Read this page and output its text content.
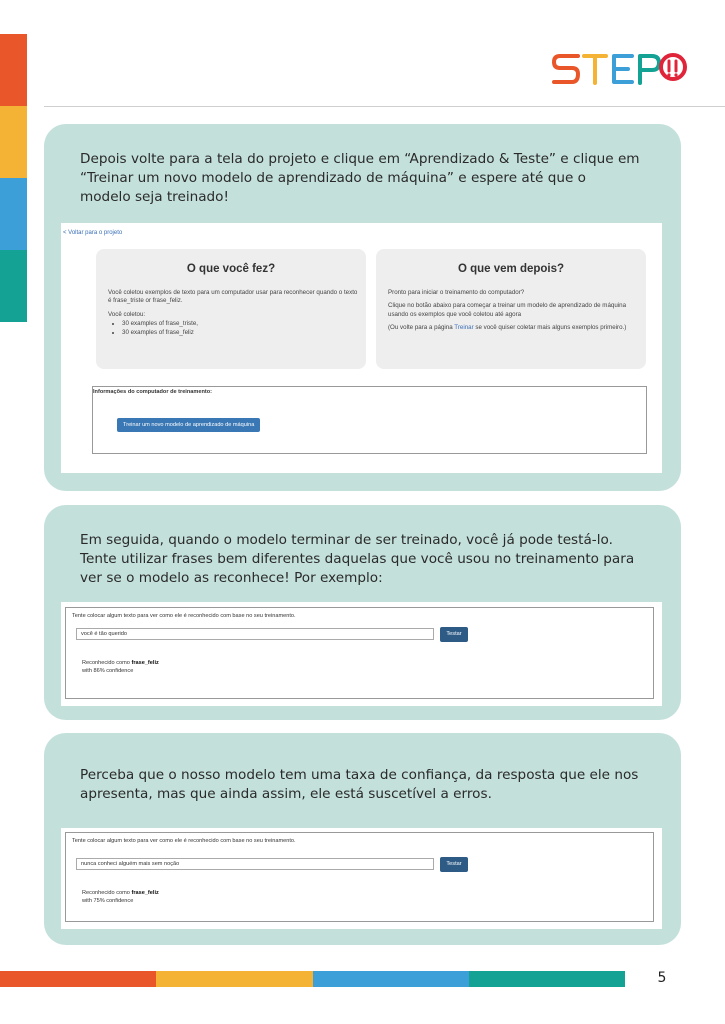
Depois volte para a tela do projeto e clique em “Aprendizado & Teste” e clique em “Treinar um novo modelo de aprendizado de máquina” e espere até que o modelo seja treinado!
< Voltar para o projeto
O que você fez?

Você coletou exemplos de texto para um computador usar para reconhecer quando o texto é frase_triste or frase_feliz.

Você coletou:

• 30 examples of frase_triste,
• 30 examples of frase_feliz
O que vem depois?

Pronto para iniciar o treinamento do computador?

Clique no botão abaixo para começar a treinar um modelo de aprendizado de máquina usando os exemplos que você coletou até agora

(Ou volte para a página Treinar se você quiser coletar mais alguns exemplos primeiro.)

Informações do computador de treinamento:
Treinar um novo modelo de aprendizado de máquina
Em seguida, quando o modelo terminar de ser treinado, você já pode testá-lo. Tente utilizar frases bem diferentes daquelas que você usou no treinamento para ver se o modelo as reconhece! Por exemplo:
Tente colocar algum texto para ver como ele é reconhecido com base no seu treinamento.
você é tão querido	Testar
Reconhecido como frase_feliz
with 86% confidence
Perceba que o nosso modelo tem uma taxa de confiança, da resposta que ele nos apresenta, mas que ainda assim, ele está suscetível a erros.
Tente colocar algum texto para ver como ele é reconhecido com base no seu treinamento.
nunca conheci alguém mais sem noção	Testar
Reconhecido como frase_feliz
with 75% confidence
5
